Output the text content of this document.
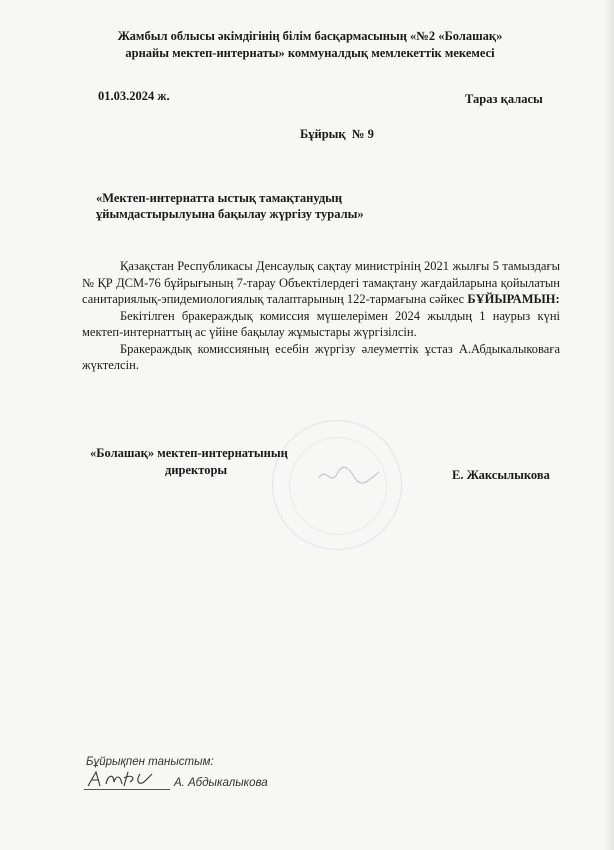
Жамбыл облысы әкімдігінің білім басқармасының «№2 «Болашақ»
арнайы мектеп-интернаты» коммуналдық мемлекеттік мекемесі
01.03.2024 ж.	Тараз қаласы
Бұйрық  № 9
«Мектеп-интернатта ыстық тамақтанудың
ұйымдастырылуына бақылау жүргізу туралы»

Қазақстан Республикасы Денсаулық сақтау министрінің 2021 жылғы 5 тамыздағы № ҚР ДСМ-76 бұйрығының 7-тарау Объектілердегі тамақтану жағдайларына қойылатын санитариялық-эпидемиологиялық талаптарының 122-тармағына сәйкес БҰЙЫРАМЫН:

Бекітілген бракераждық комиссия мүшелерімен 2024 жылдың 1 наурыз күні мектеп-интернаттың ас үйіне бақылау жұмыстары жүргізілсін.

Бракераждық комиссияның есебін жүргізу әлеуметтік ұстаз А.Абдыкалыковаға жүктелсін.

«Болашақ» мектеп-интернатының
директоры	Е. Жаксылыкова
Бұйрықпен таныстым:
А. Абдыкалыкова
